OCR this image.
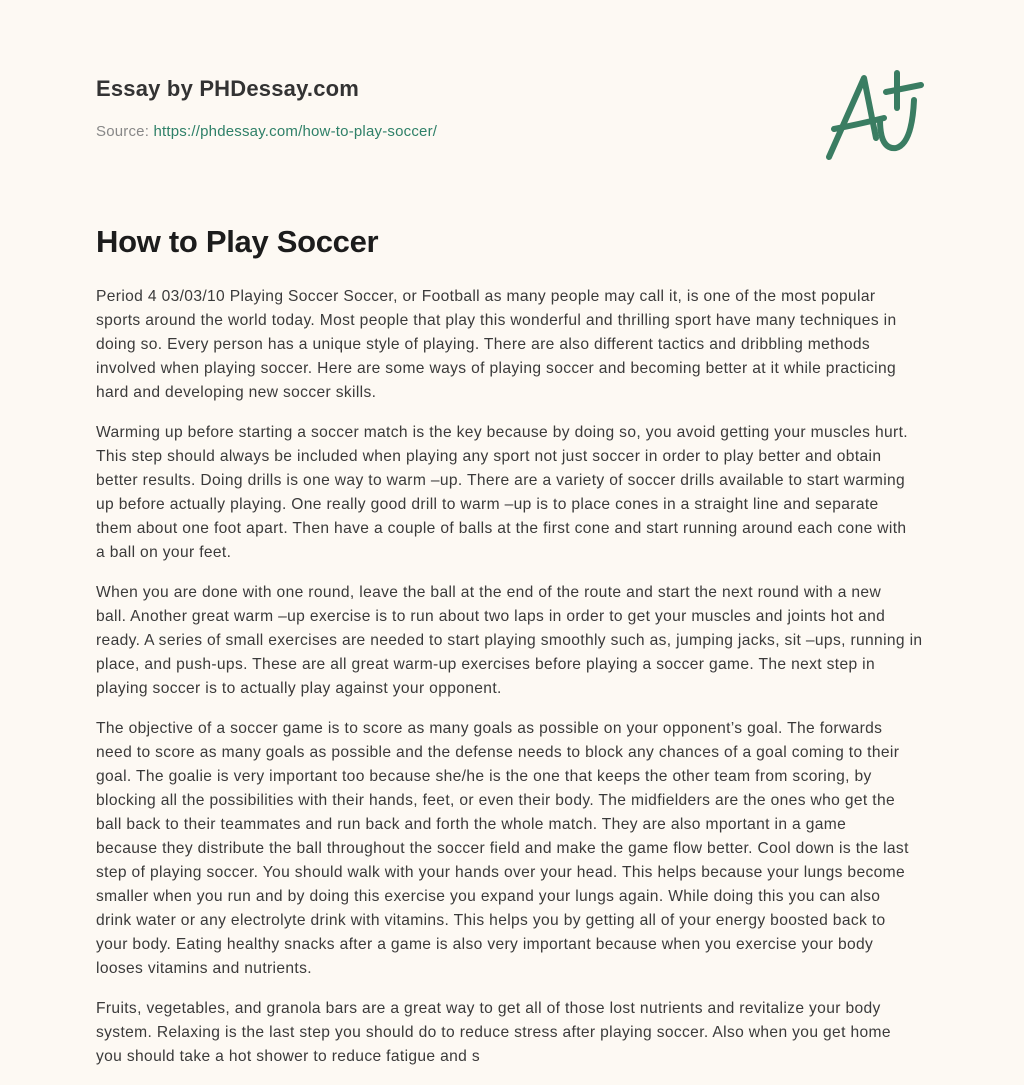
Essay by PHDessay.com
Source: https://phdessay.com/how-to-play-soccer/
How to Play Soccer

Period 4 03/03/10 Playing Soccer Soccer, or Football as many people may call it, is one of the most popular
sports around the world today. Most people that play this wonderful and thrilling sport have many techniques in
doing so. Every person has a unique style of playing. There are also different tactics and dribbling methods
involved when playing soccer. Here are some ways of playing soccer and becoming better at it while practicing
hard and developing new soccer skills.

Warming up before starting a soccer match is the key because by doing so, you avoid getting your muscles hurt.
This step should always be included when playing any sport not just soccer in order to play better and obtain
better results. Doing drills is one way to warm –up. There are a variety of soccer drills available to start warming
up before actually playing. One really good drill to warm –up is to place cones in a straight line and separate
them about one foot apart. Then have a couple of balls at the first cone and start running around each cone with
a ball on your feet.

When you are done with one round, leave the ball at the end of the route and start the next round with a new
ball. Another great warm –up exercise is to run about two laps in order to get your muscles and joints hot and
ready. A series of small exercises are needed to start playing smoothly such as, jumping jacks, sit –ups, running in
place, and push-ups. These are all great warm-up exercises before playing a soccer game. The next step in
playing soccer is to actually play against your opponent.

The objective of a soccer game is to score as many goals as possible on your opponent’s goal. The forwards
need to score as many goals as possible and the defense needs to block any chances of a goal coming to their
goal. The goalie is very important too because she/he is the one that keeps the other team from scoring, by
blocking all the possibilities with their hands, feet, or even their body. The midfielders are the ones who get the
ball back to their teammates and run back and forth the whole match. They are also mportant in a game
because they distribute the ball throughout the soccer field and make the game flow better. Cool down is the last
step of playing soccer. You should walk with your hands over your head. This helps because your lungs become
smaller when you run and by doing this exercise you expand your lungs again. While doing this you can also
drink water or any electrolyte drink with vitamins. This helps you by getting all of your energy boosted back to
your body. Eating healthy snacks after a game is also very important because when you exercise your body
looses vitamins and nutrients.

Fruits, vegetables, and granola bars are a great way to get all of those lost nutrients and revitalize your body
system. Relaxing is the last step you should do to reduce stress after playing soccer. Also when you get home
you should take a hot shower to reduce fatigue and s
